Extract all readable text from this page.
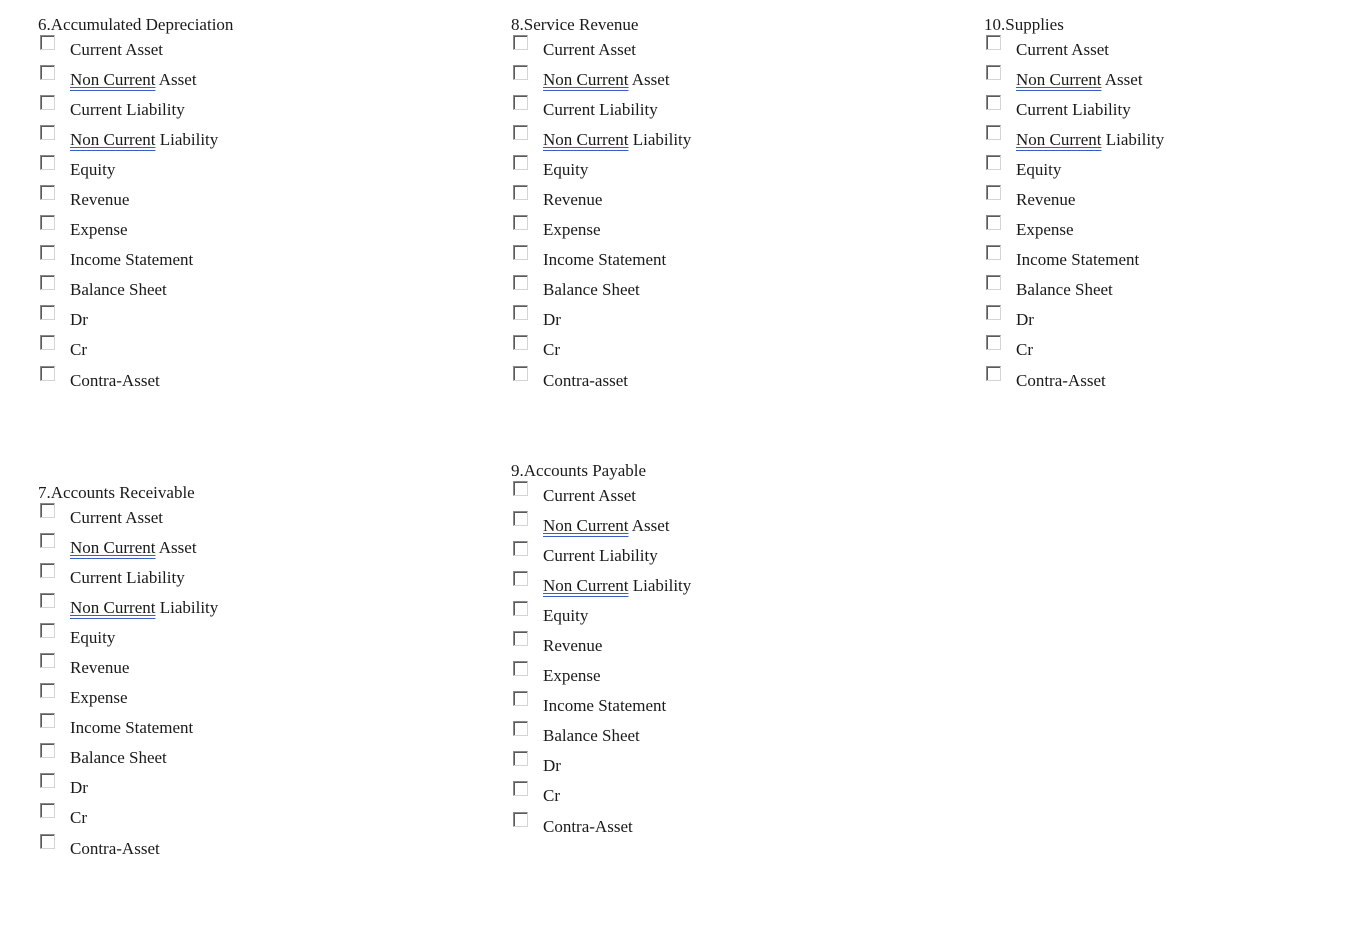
6.Accumulated Depreciation

Current Asset
Non Current Asset
Current Liability
Non Current Liability
Equity
Revenue
Expense
Income Statement
Balance Sheet
Dr
Cr
Contra-Asset

7.Accounts Receivable

Current Asset
Non Current Asset
Current Liability
Non Current Liability
Equity
Revenue
Expense
Income Statement
Balance Sheet
Dr
Cr
Contra-Asset

8.Service Revenue

Current Asset
Non Current Asset
Current Liability
Non Current Liability
Equity
Revenue
Expense
Income Statement
Balance Sheet
Dr
Cr
Contra-asset

9.Accounts Payable

Current Asset
Non Current Asset
Current Liability
Non Current Liability
Equity
Revenue
Expense
Income Statement
Balance Sheet
Dr
Cr
Contra-Asset

10.Supplies

Current Asset
Non Current Asset
Current Liability
Non Current Liability
Equity
Revenue
Expense
Income Statement
Balance Sheet
Dr
Cr
Contra-Asset
